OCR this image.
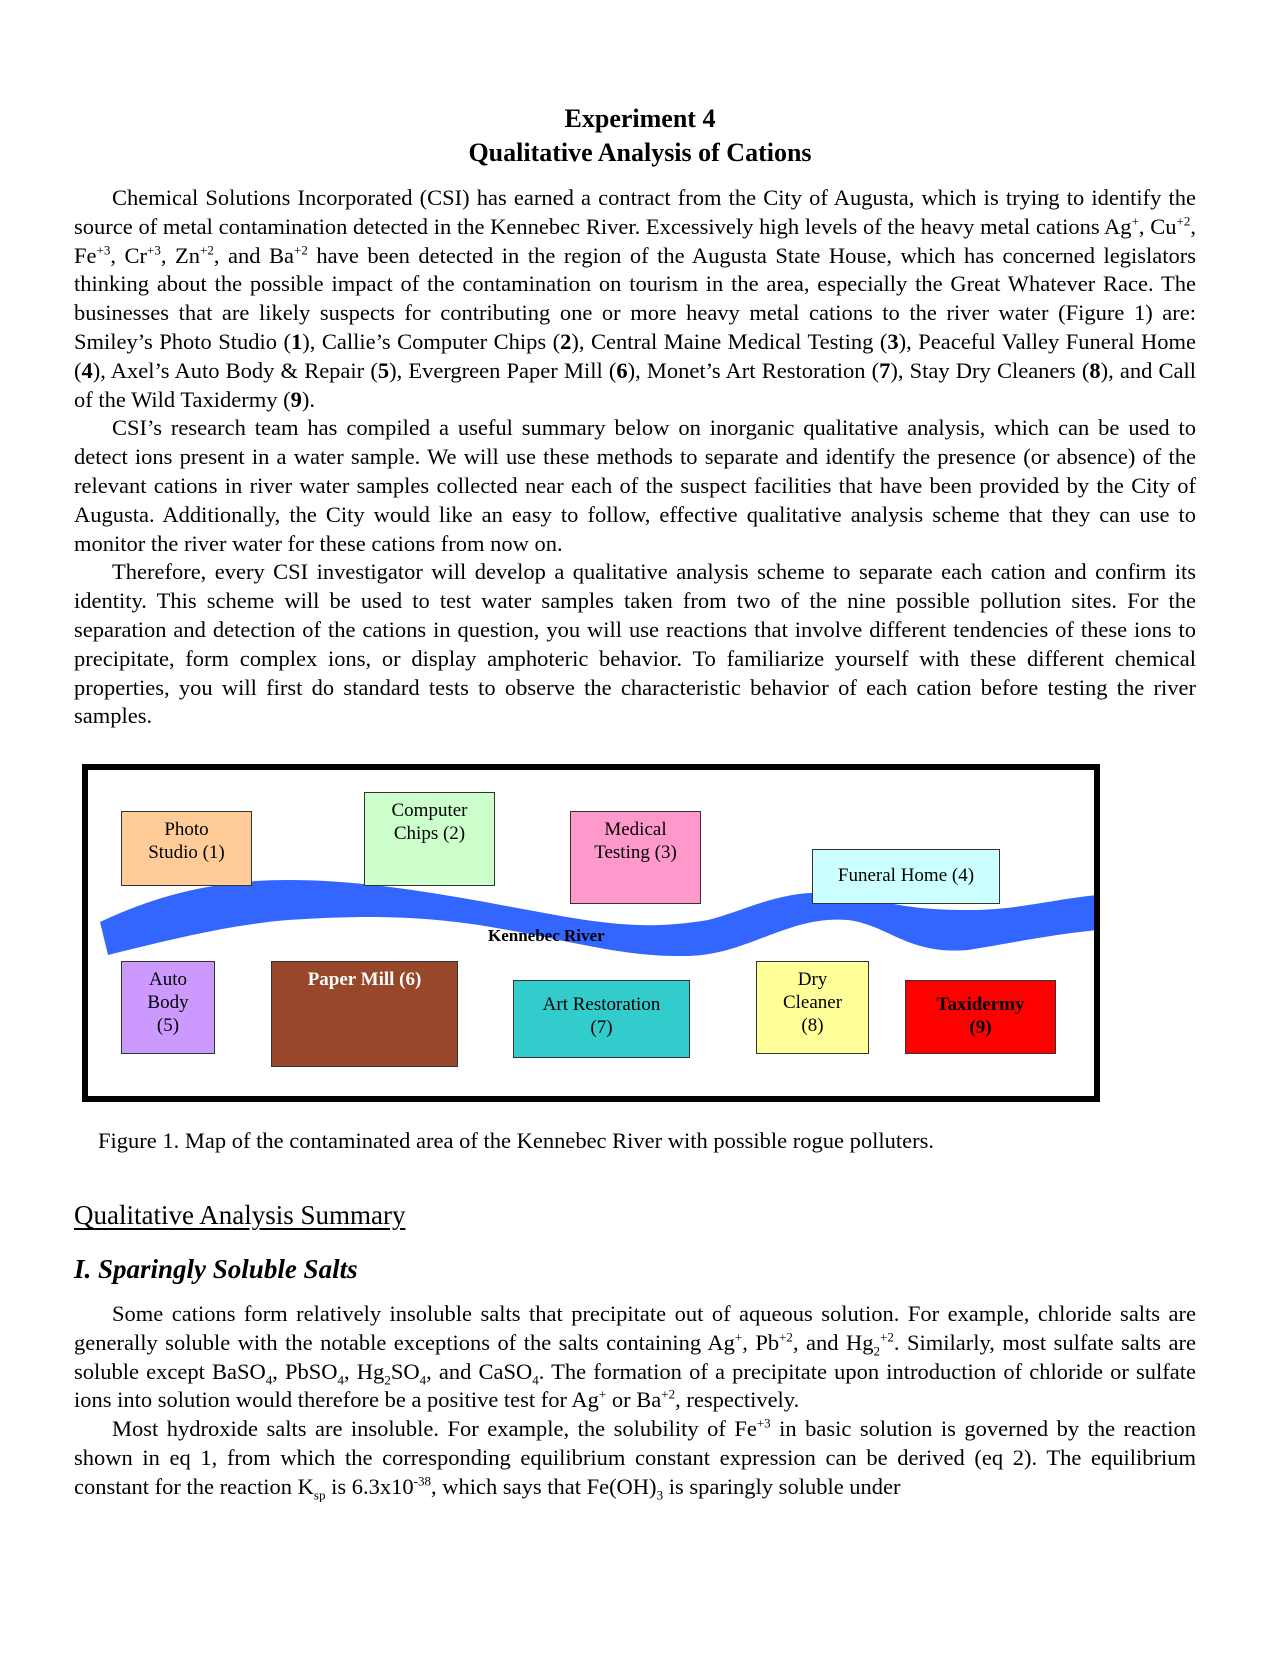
Experiment 4
Qualitative Analysis of Cations

Chemical Solutions Incorporated (CSI) has earned a contract from the City of Augusta, which is trying to identify the source of metal contamination detected in the Kennebec River. Excessively high levels of the heavy metal cations Ag+, $Cu^{+2}$, $Fe^{+3}$, $Cr^{+3}$, $Zn^{+2}$, and $Ba^{+2}$ have been detected in the region of the Augusta State House, which has concerned legislators thinking about the possible impact of the contamination on tourism in the area, especially the Great Whatever Race. The businesses that are likely suspects for contributing one or more heavy metal cations to the river water (Figure 1) are: Smiley’s Photo Studio (1), Callie’s Computer Chips (2), Central Maine Medical Testing (3), Peaceful Valley Funeral Home (4), Axel’s Auto Body & Repair (5), Evergreen Paper Mill (6), Monet’s Art Restoration (7), Stay Dry Cleaners (8), and Call of the Wild Taxidermy (9).

CSI’s research team has compiled a useful summary below on inorganic qualitative analysis, which can be used to detect ions present in a water sample. We will use these methods to separate and identify the presence (or absence) of the relevant cations in river water samples collected near each of the suspect facilities that have been provided by the City of Augusta. Additionally, the City would like an easy to follow, effective qualitative analysis scheme that they can use to monitor the river water for these cations from now on.

Therefore, every CSI investigator will develop a qualitative analysis scheme to separate each cation and confirm its identity. This scheme will be used to test water samples taken from two of the nine possible pollution sites. For the separation and detection of the cations in question, you will use reactions that involve different tendencies of these ions to precipitate, form complex ions, or display amphoteric behavior. To familiarize yourself with these different chemical properties, you will first do standard tests to observe the characteristic behavior of each cation before testing the river samples.

Kennebec River
Photo
Studio (1)
Computer
Chips (2)	Medical
Testing (3)
Funeral Home (4)
Auto
Body
(5)
Paper Mill (6)
Art Restoration
(7)
Dry
Cleaner
(8)
Taxidermy
(9)
Figure 1. Map of the contaminated area of the Kennebec River with possible rogue polluters.
Qualitative Analysis Summary
I. Sparingly Soluble Salts

Some cations form relatively insoluble salts that precipitate out of aqueous solution. For example, chloride salts are generally soluble with the notable exceptions of the salts containing Ag+, $Pb^{+2}$, and $Hg_2^{+2}$. Similarly, most sulfate salts are soluble except BaSO$_4$, PbSO$_4$, $Hg_2SO_4$, and CaSO$_4$. The formation of a precipitate upon introduction of chloride or sulfate ions into solution would therefore be a positive test for Ag+ or $Ba^{+2}$, respectively.

Most hydroxide salts are insoluble. For example, the solubility of $Fe^{+3}$ in basic solution is governed by the reaction shown in eq 1, from which the corresponding equilibrium constant expression can be derived (eq 2). The equilibrium constant for the reaction $K_{sp}$ is $6.3x10^{-38}$, which says that $Fe(OH)_3$ is sparingly soluble under
